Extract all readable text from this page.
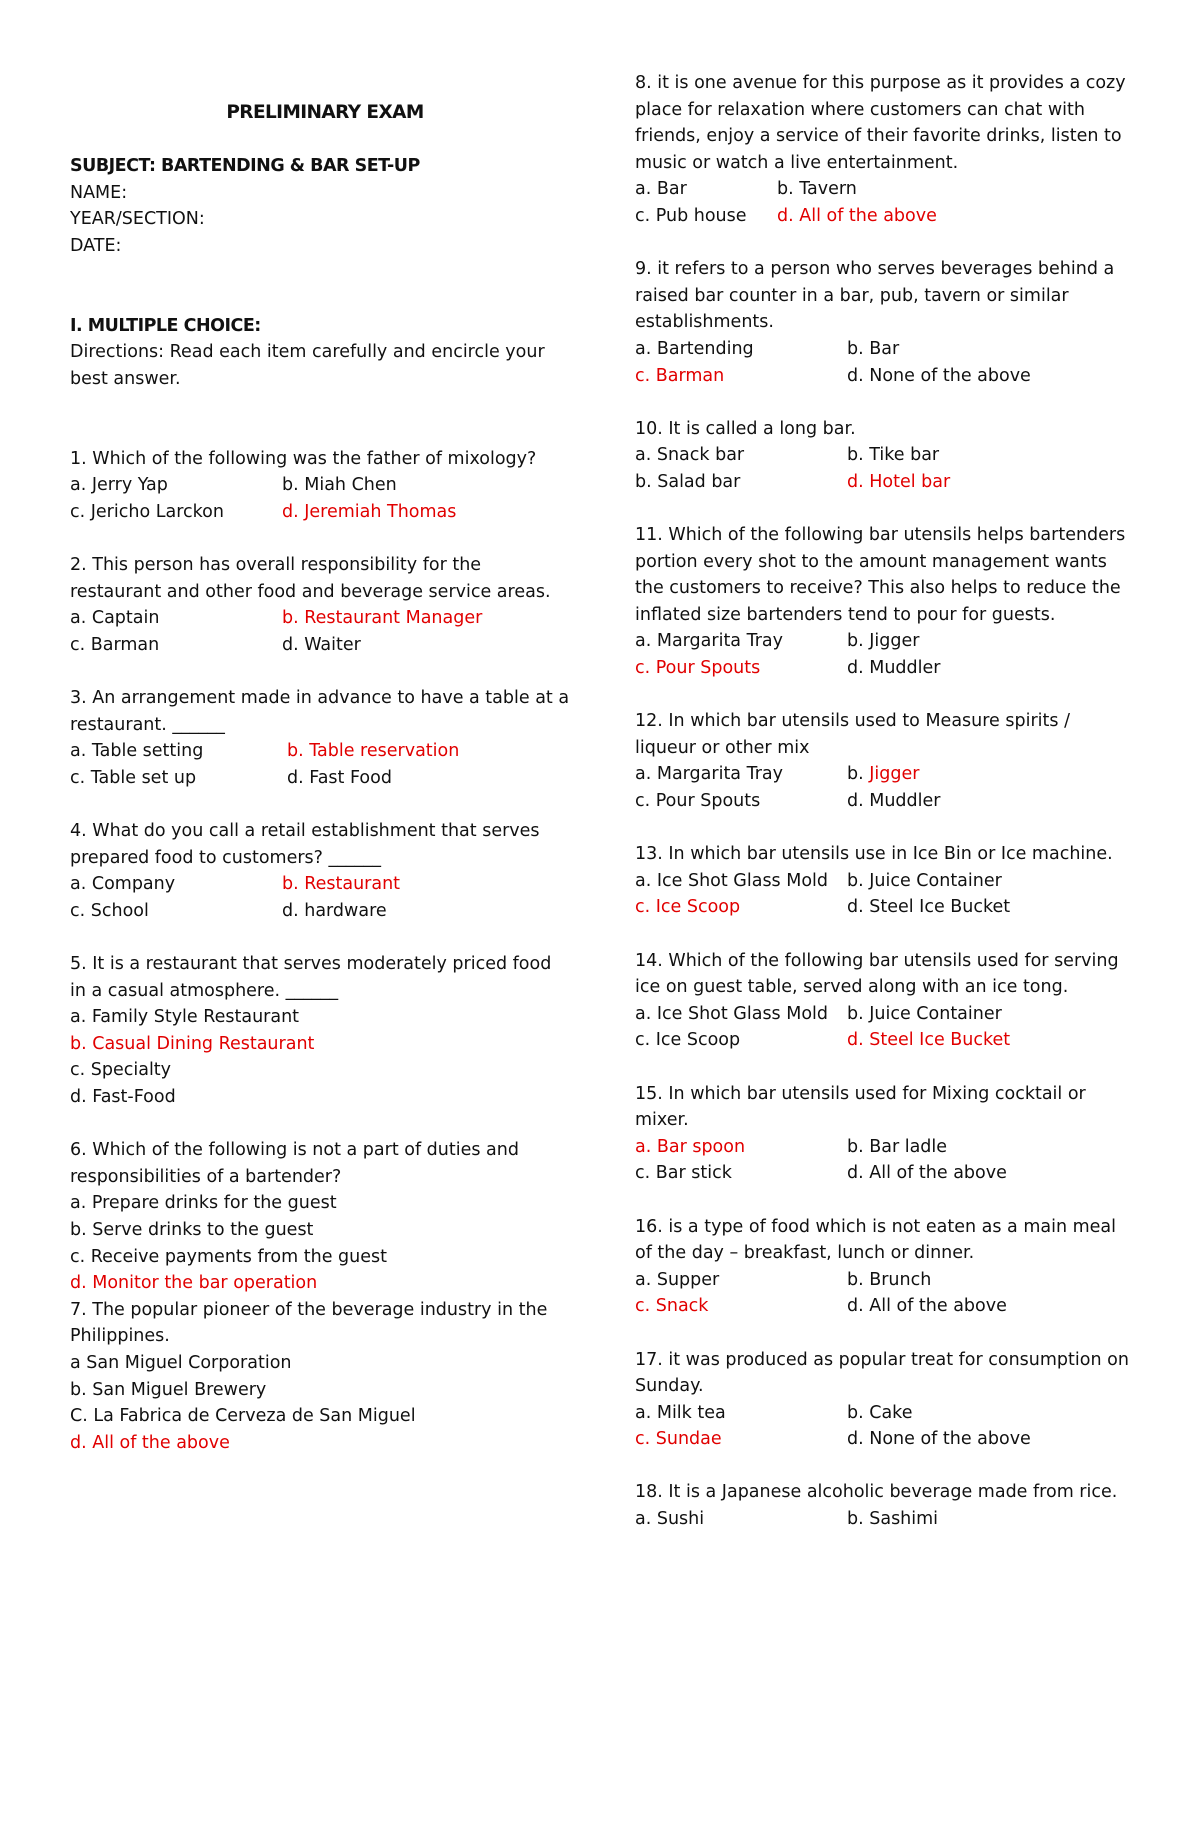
PRELIMINARY EXAM
SUBJECT: BARTENDING & BAR SET-UP
NAME:
YEAR/SECTION:
DATE:
I. MULTIPLE CHOICE:

Directions: Read each item carefully and encircle your best answer.

1. Which of the following was the father of mixology?

a. Jerry Yap	b. Miah Chen
c. Jericho Larckon	d. Jeremiah Thomas

2. This person has overall responsibility for the restaurant and other food and beverage service areas.

a. Captain	b. Restaurant Manager
c. Barman	d. Waiter

3. An arrangement made in advance to have a table at a restaurant. ______

a. Table setting	b. Table reservation
c. Table set up	d. Fast Food

4. What do you call a retail establishment that serves prepared food to customers? ______

a. Company	b. Restaurant
c. School	d. hardware

5. It is a restaurant that serves moderately priced food in a casual atmosphere. ______

a. Family Style Restaurant
b. Casual Dining Restaurant
c. Specialty
d. Fast-Food

6. Which of the following is not a part of duties and responsibilities of a bartender?

a. Prepare drinks for the guest
b. Serve drinks to the guest
c. Receive payments from the guest
d. Monitor the bar operation

7. The popular pioneer of the beverage industry in the Philippines.

a San Miguel Corporation
b. San Miguel Brewery
C. La Fabrica de Cerveza de San Miguel
d. All of the above

8. it is one avenue for this purpose as it provides a cozy place for relaxation where customers can chat with friends, enjoy a service of their favorite drinks, listen to music or watch a live entertainment.

a. Bar	b. Tavern
c. Pub house	d. All of the above

9. it refers to a person who serves beverages behind a raised bar counter in a bar, pub, tavern or similar establishments.

a. Bartending	b. Bar
c. Barman	d. None of the above

10. It is called a long bar.

a. Snack bar	b. Tike bar
b. Salad bar	d. Hotel bar

11. Which of the following bar utensils helps bartenders portion every shot to the amount management wants the customers to receive? This also helps to reduce the inflated size bartenders tend to pour for guests.

a. Margarita Tray	b. Jigger
c. Pour Spouts	d. Muddler

12. In which bar utensils used to Measure spirits / liqueur or other mix

a. Margarita Tray	b. Jigger
c. Pour Spouts	d. Muddler

13. In which bar utensils use in Ice Bin or Ice machine.

a. Ice Shot Glass Mold	b. Juice Container
c. Ice Scoop	d. Steel Ice Bucket

14. Which of the following bar utensils used for serving ice on guest table, served along with an ice tong.

a. Ice Shot Glass Mold	b. Juice Container
c. Ice Scoop	d. Steel Ice Bucket

15. In which bar utensils used for Mixing cocktail or mixer.

a. Bar spoon	b. Bar ladle
c. Bar stick	d. All of the above

16. is a type of food which is not eaten as a main meal of the day – breakfast, lunch or dinner.

a. Supper	b. Brunch
c. Snack	d. All of the above

17. it was produced as popular treat for consumption on Sunday.

a. Milk tea	b. Cake
c. Sundae	d. None of the above

18. It is a Japanese alcoholic beverage made from rice.

a. Sushi	b. Sashimi
